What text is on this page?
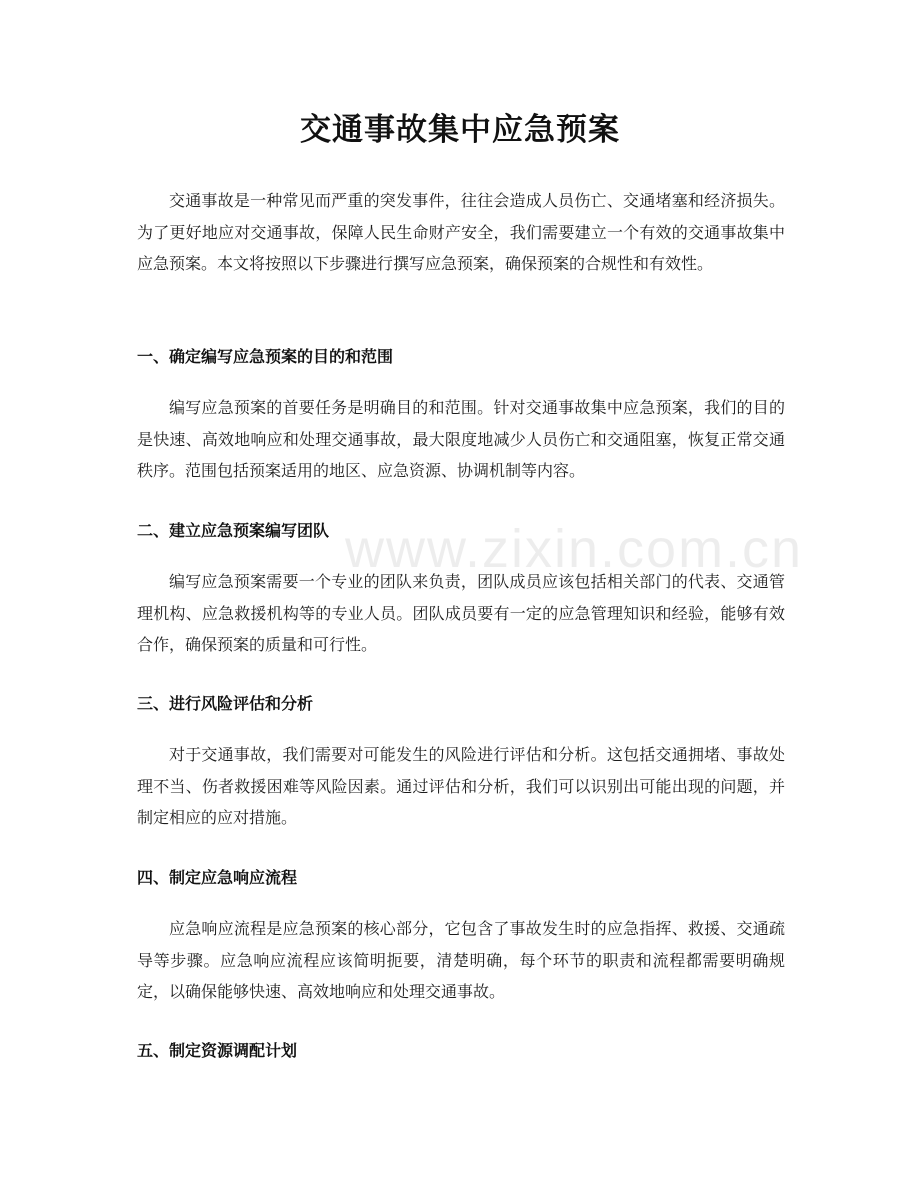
www.zixin.com.cn
交通事故集中应急预案
交通事故是一种常见而严重的突发事件，往往会造成人员伤亡、交通堵塞和经济损失。为了更好地应对交通事故，保障人民生命财产安全，我们需要建立一个有效的交通事故集中应急预案。本文将按照以下步骤进行撰写应急预案，确保预案的合规性和有效性。
一、确定编写应急预案的目的和范围
编写应急预案的首要任务是明确目的和范围。针对交通事故集中应急预案，我们的目的是快速、高效地响应和处理交通事故，最大限度地减少人员伤亡和交通阻塞，恢复正常交通秩序。范围包括预案适用的地区、应急资源、协调机制等内容。
二、建立应急预案编写团队
编写应急预案需要一个专业的团队来负责，团队成员应该包括相关部门的代表、交通管理机构、应急救援机构等的专业人员。团队成员要有一定的应急管理知识和经验，能够有效合作，确保预案的质量和可行性。
三、进行风险评估和分析
对于交通事故，我们需要对可能发生的风险进行评估和分析。这包括交通拥堵、事故处理不当、伤者救援困难等风险因素。通过评估和分析，我们可以识别出可能出现的问题，并制定相应的应对措施。
四、制定应急响应流程
应急响应流程是应急预案的核心部分，它包含了事故发生时的应急指挥、救援、交通疏导等步骤。应急响应流程应该简明扼要，清楚明确，每个环节的职责和流程都需要明确规定，以确保能够快速、高效地响应和处理交通事故。
五、制定资源调配计划
